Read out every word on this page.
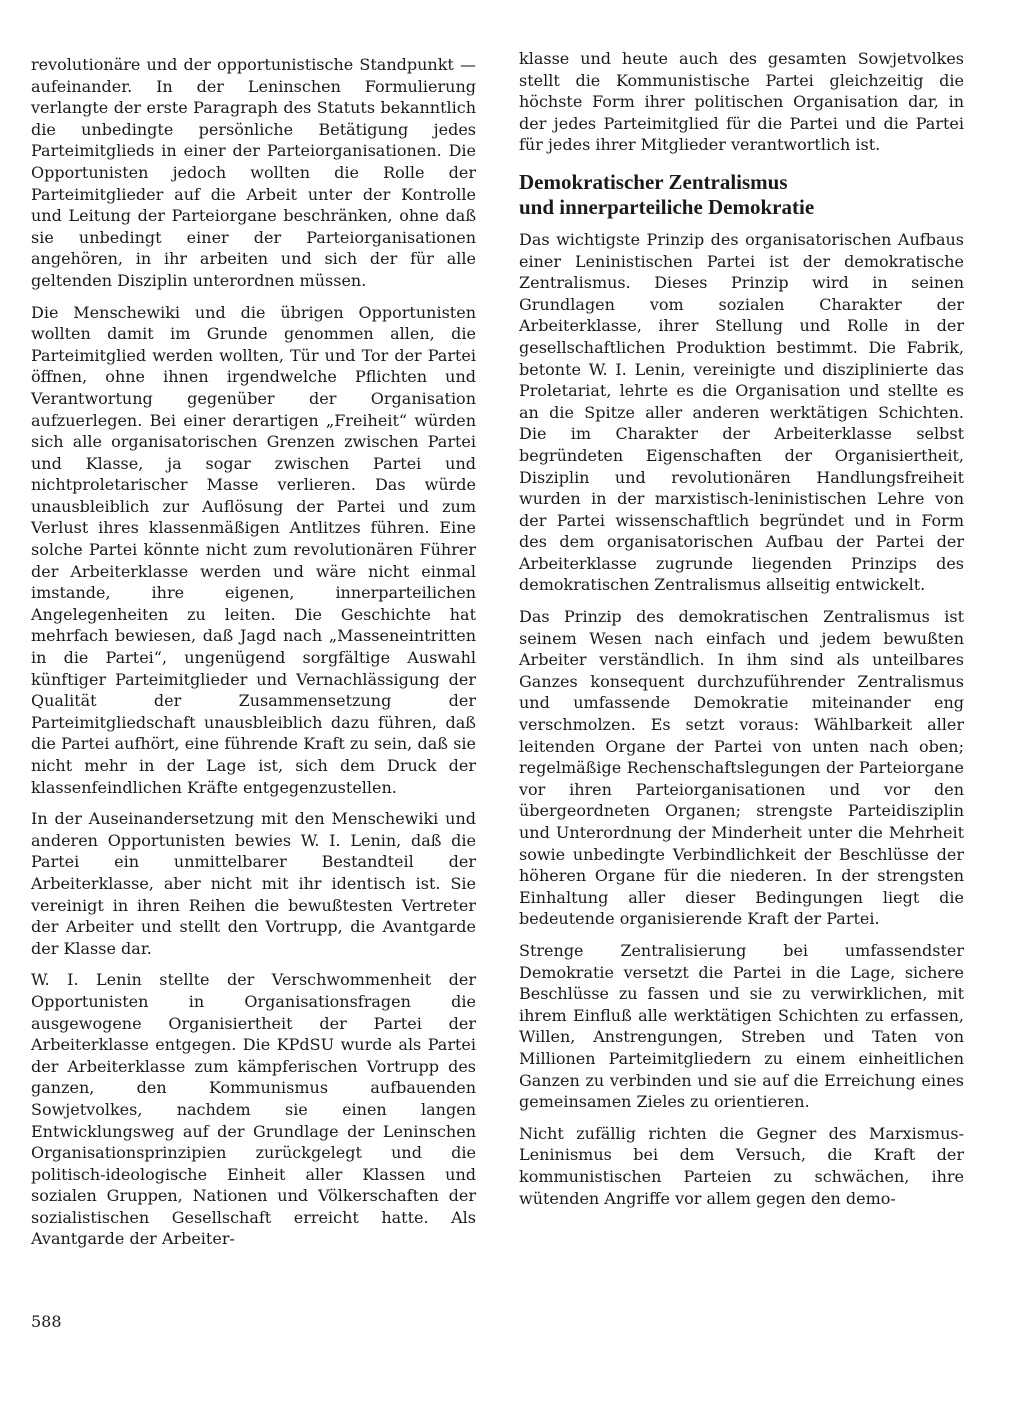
revolutionäre und der opportunistische Standpunkt — aufeinander. In der Leninschen Formulierung verlangte der erste Paragraph des Statuts bekanntlich die unbedingte persönliche Betätigung jedes Parteimitglieds in einer der Parteiorganisationen. Die Opportunisten jedoch wollten die Rolle der Parteimitglieder auf die Arbeit unter der Kontrolle und Leitung der Parteiorgane beschränken, ohne daß sie unbedingt einer der Parteiorganisationen angehören, in ihr arbeiten und sich der für alle geltenden Disziplin unterordnen müssen.

Die Menschewiki und die übrigen Opportunisten wollten damit im Grunde genommen allen, die Parteimitglied werden wollten, Tür und Tor der Partei öffnen, ohne ihnen irgendwelche Pflichten und Verantwortung gegenüber der Organisation aufzuerlegen. Bei einer derartigen „Freiheit“ würden sich alle organisatorischen Grenzen zwischen Partei und Klasse, ja sogar zwischen Partei und nichtproletarischer Masse verlieren. Das würde unausbleiblich zur Auflösung der Partei und zum Verlust ihres klassenmäßigen Antlitzes führen. Eine solche Partei könnte nicht zum revolutionären Führer der Arbeiterklasse werden und wäre nicht einmal imstande, ihre eigenen, innerparteilichen Angelegenheiten zu leiten. Die Geschichte hat mehrfach bewiesen, daß Jagd nach „Masseneintritten in die Partei“, ungenügend sorgfältige Auswahl künftiger Parteimitglieder und Vernachlässigung der Qualität der Zusammensetzung der Parteimitgliedschaft unausbleiblich dazu führen, daß die Partei aufhört, eine führende Kraft zu sein, daß sie nicht mehr in der Lage ist, sich dem Druck der klassenfeindlichen Kräfte entgegenzustellen.

In der Auseinandersetzung mit den Menschewiki und anderen Opportunisten bewies W. I. Lenin, daß die Partei ein unmittelbarer Bestandteil der Arbeiterklasse, aber nicht mit ihr identisch ist. Sie vereinigt in ihren Reihen die bewußtesten Vertreter der Arbeiter und stellt den Vortrupp, die Avantgarde der Klasse dar.

W. I. Lenin stellte der Verschwommenheit der Opportunisten in Organisationsfragen die ausgewogene Organisiertheit der Partei der Arbeiterklasse entgegen. Die KPdSU wurde als Partei der Arbeiterklasse zum kämpferischen Vortrupp des ganzen, den Kommunismus aufbauenden Sowjetvolkes, nachdem sie einen langen Entwicklungsweg auf der Grundlage der Leninschen Organisationsprinzipien zurückgelegt und die politisch-ideologische Einheit aller Klassen und sozialen Gruppen, Nationen und Völkerschaften der sozialistischen Gesellschaft erreicht hatte. Als Avantgarde der Arbeiter-

klasse und heute auch des gesamten Sowjetvolkes stellt die Kommunistische Partei gleichzeitig die höchste Form ihrer politischen Organisation dar, in der jedes Parteimitglied für die Partei und die Partei für jedes ihrer Mitglieder verantwortlich ist.

Demokratischer Zentralismus
und innerparteiliche Demokratie

Das wichtigste Prinzip des organisatorischen Aufbaus einer Leninistischen Partei ist der demokratische Zentralismus. Dieses Prinzip wird in seinen Grundlagen vom sozialen Charakter der Arbeiterklasse, ihrer Stellung und Rolle in der gesellschaftlichen Produktion bestimmt. Die Fabrik, betonte W. I. Lenin, vereinigte und disziplinierte das Proletariat, lehrte es die Organisation und stellte es an die Spitze aller anderen werktätigen Schichten. Die im Charakter der Arbeiterklasse selbst begründeten Eigenschaften der Organisiertheit, Disziplin und revolutionären Handlungsfreiheit wurden in der marxistisch-leninistischen Lehre von der Partei wissenschaftlich begründet und in Form des dem organisatorischen Aufbau der Partei der Arbeiterklasse zugrunde liegenden Prinzips des demokratischen Zentralismus allseitig entwickelt.

Das Prinzip des demokratischen Zentralismus ist seinem Wesen nach einfach und jedem bewußten Arbeiter verständlich. In ihm sind als unteilbares Ganzes konsequent durchzuführender Zentralismus und umfassende Demokratie miteinander eng verschmolzen. Es setzt voraus: Wählbarkeit aller leitenden Organe der Partei von unten nach oben; regelmäßige Rechenschaftslegungen der Parteiorgane vor ihren Parteiorganisationen und vor den übergeordneten Organen; strengste Parteidisziplin und Unterordnung der Minderheit unter die Mehrheit sowie unbedingte Verbindlichkeit der Beschlüsse der höheren Organe für die niederen. In der strengsten Einhaltung aller dieser Bedingungen liegt die bedeutende organisierende Kraft der Partei.

Strenge Zentralisierung bei umfassendster Demokratie versetzt die Partei in die Lage, sichere Beschlüsse zu fassen und sie zu verwirklichen, mit ihrem Einfluß alle werktätigen Schichten zu erfassen, Willen, Anstrengungen, Streben und Taten von Millionen Parteimitgliedern zu einem einheitlichen Ganzen zu verbinden und sie auf die Erreichung eines gemeinsamen Zieles zu orientieren.

Nicht zufällig richten die Gegner des Marxismus-Leninismus bei dem Versuch, die Kraft der kommunistischen Parteien zu schwächen, ihre wütenden Angriffe vor allem gegen den demo-

588
